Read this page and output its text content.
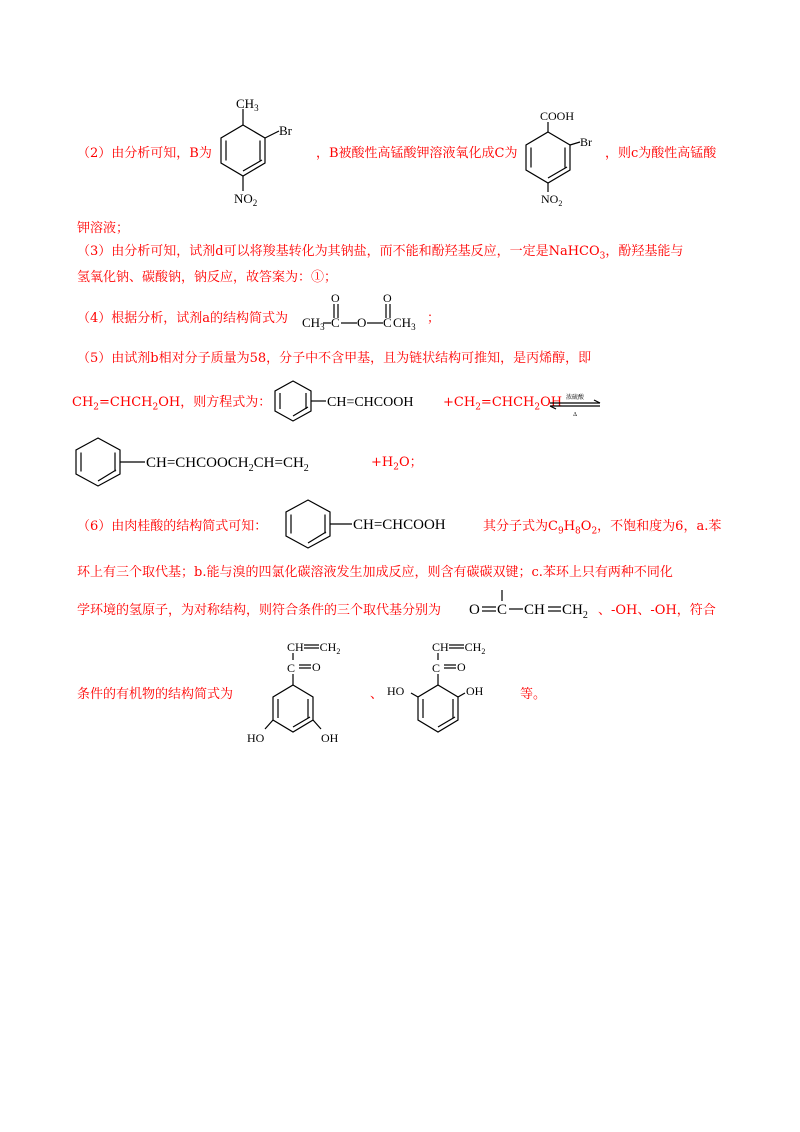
（2）由分析可知，B为
$CH_3$
Br
$NO_2$
，B被酸性高锰酸钾溶液氧化成C为
COOH
Br
$NO_2$
，则c为酸性高锰酸
钾溶液；
（3）由分析可知，试剂d可以将羧基转化为其钠盐，而不能和酚羟基反应，一定是NaHCO$_3$，酚羟基能与
氢氧化钠、碳酸钠，钠反应，故答案为：①；
（4）根据分析，试剂a的结构简式为 $CH_3$ C
O
O C
O
$CH_3$
；
（5）由试剂b相对分子质量为58，分子中不含甲基，且为链状结构可推知，是丙烯醇，即
$CH_2=CHCH_2OH$，则方程式为：	CH=CHCOOH $+CH_2=CHCH_2OH$ 浓硫酸
Δ
$CH=CHCOOCH_2CH=CH_2$	$+H_2O$；
（6）由肉桂酸的结构简式可知：	CH=CHCOOH	其分子式为$C_9H_8O_2$，不饱和度为6，a.苯
环上有三个取代基；b.能与溴的四氯化碳溶液发生加成反应，则含有碳碳双键；c.苯环上只有两种不同化
学环境的氢原子，为对称结构，则符合条件的三个取代基分别为 O C CH $CH_2$ 、-OH、-OH，符合
条件的有机物的结构简式为
CH $CH_2$
C O
HO	OH
、
CH $CH_2$
C O
HO	OH	等。
